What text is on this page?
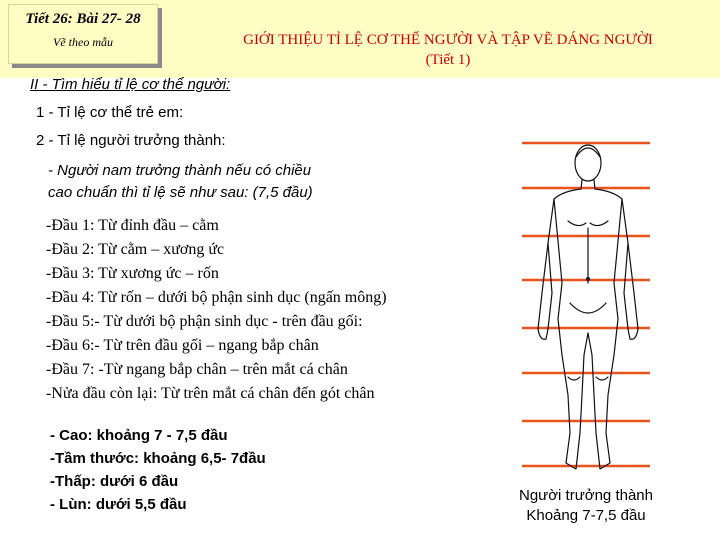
Tiết 26: Bài 27- 28
Vẽ theo mẫu	GIỚI THIỆU TỈ LỆ CƠ THỂ NGƯỜI VÀ TẬP VẼ DÁNG NGƯỜI
(Tiết 1)
II - Tìm hiểu tỉ lệ cơ thể người:
1 - Tỉ lệ cơ thể trẻ em:
2 - Tỉ lệ người trưởng thành:
- Người nam trưởng thành nếu có chiều
cao chuẩn thì tỉ lệ sẽ như sau: (7,5 đầu)
-Đầu 1: Từ đỉnh đầu – cằm
-Đầu 2: Từ cằm – xương ức
-Đầu 3: Từ xương ức – rốn
-Đầu 4: Từ rốn – dưới bộ phận sinh dục (ngấn mông)
-Đầu 5:- Từ dưới bộ phận sinh dục - trên đầu gối:
-Đầu 6:- Từ trên đầu gối – ngang bắp chân
-Đầu 7: -Từ ngang bắp chân – trên mắt cá chân
-Nửa đầu còn lại: Từ trên mắt cá chân đến gót chân
- Cao: khoảng 7 - 7,5 đầu
-Tầm thước: khoảng 6,5- 7đầu
-Thấp: dưới 6 đầu
- Lùn: dưới 5,5 đầu
Người trưởng thành
Khoảng 7-7,5 đầu
